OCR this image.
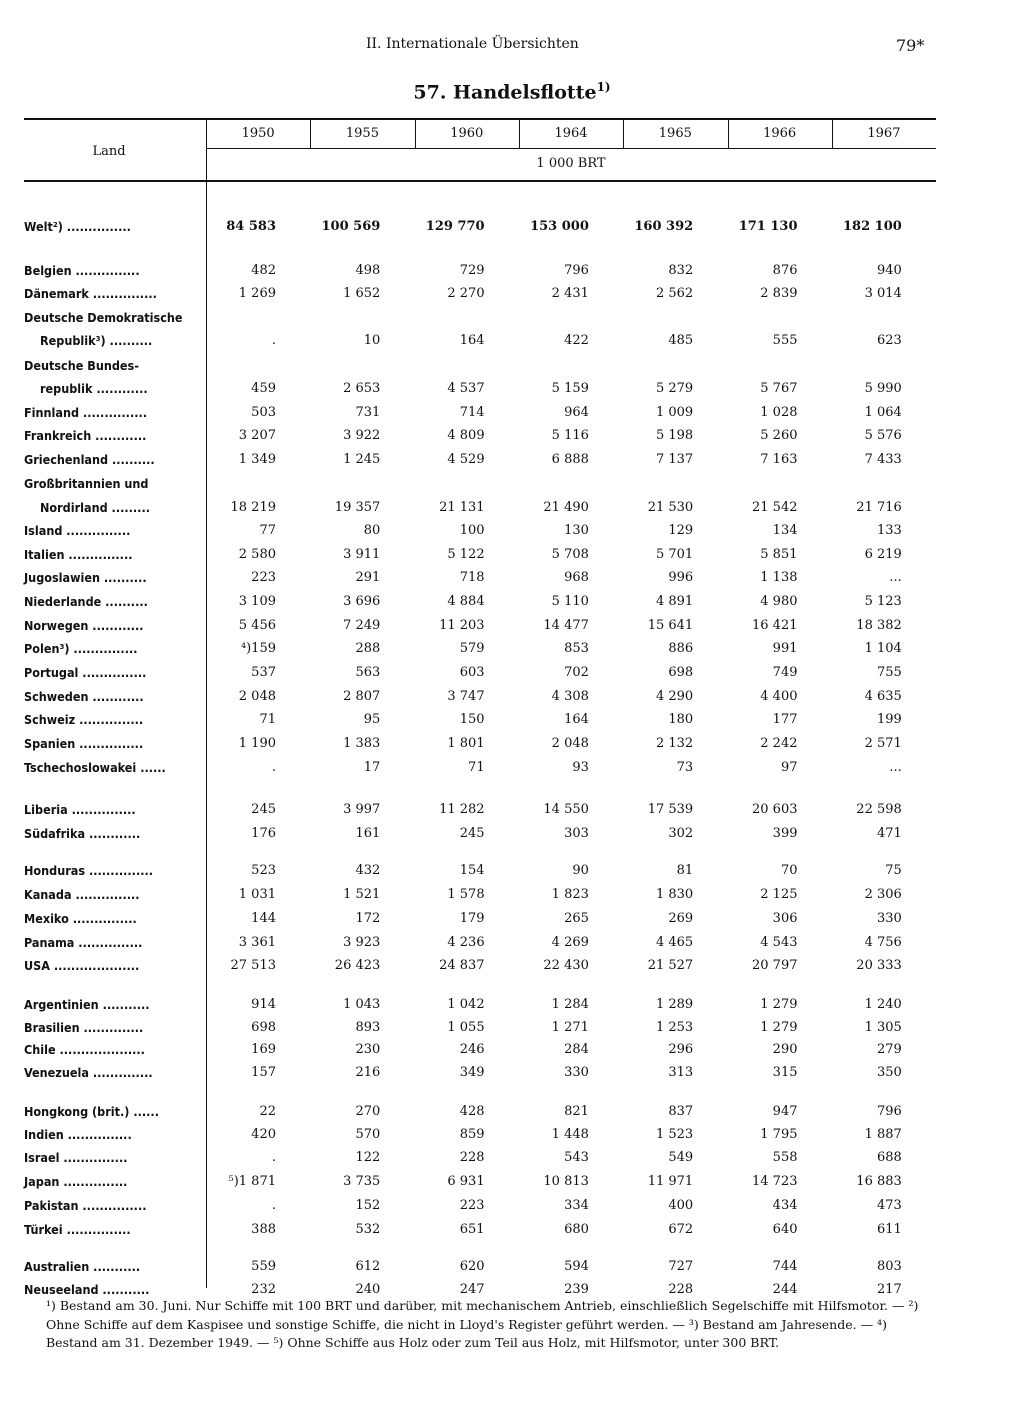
II. Internationale Übersichten	79*
57. Handelsflotte$^{1)}$
Land
1 000 BRT
1950	1955	1960	1964	1965	1966	1967
Welt²) ...............	84 583	100 569	129 770	153 000	160 392	171 130	182 100
Belgien ...............	482	498	729	796	832	876	940
Dänemark ...............	1 269	1 652	2 270	2 431	2 562	2 839	3 014
Deutsche Demokratische
Republik³) ..........	.	10	164	422	485	555	623
Deutsche Bundes-
republik ............	459	2 653	4 537	5 159	5 279	5 767	5 990
Finnland ...............	503	731	714	964	1 009	1 028	1 064
Frankreich ............	3 207	3 922	4 809	5 116	5 198	5 260	5 576
Griechenland ..........	1 349	1 245	4 529	6 888	7 137	7 163	7 433
Großbritannien und
Nordirland .........	18 219	19 357	21 131	21 490	21 530	21 542	21 716
Island ...............	77	80	100	130	129	134	133
Italien ...............	2 580	3 911	5 122	5 708	5 701	5 851	6 219
Jugoslawien ..........	223	291	718	968	996	1 138	...
Niederlande ..........	3 109	3 696	4 884	5 110	4 891	4 980	5 123
Norwegen ............	5 456	7 249	11 203	14 477	15 641	16 421	18 382
Polen³) ...............	⁴)159	288	579	853	886	991	1 104
Portugal ...............	537	563	603	702	698	749	755
Schweden ............	2 048	2 807	3 747	4 308	4 290	4 400	4 635
Schweiz ...............	71	95	150	164	180	177	199
Spanien ...............	1 190	1 383	1 801	2 048	2 132	2 242	2 571
Tschechoslowakei ......	.	17	71	93	73	97	...
Liberia ...............	245	3 997	11 282	14 550	17 539	20 603	22 598
Südafrika ............	176	161	245	303	302	399	471
Honduras ...............	523	432	154	90	81	70	75
Kanada ...............	1 031	1 521	1 578	1 823	1 830	2 125	2 306
Mexiko ...............	144	172	179	265	269	306	330
Panama ...............	3 361	3 923	4 236	4 269	4 465	4 543	4 756
USA ....................	27 513	26 423	24 837	22 430	21 527	20 797	20 333
Argentinien ...........	914	1 043	1 042	1 284	1 289	1 279	1 240
Brasilien ..............	698	893	1 055	1 271	1 253	1 279	1 305
Chile ....................	169	230	246	284	296	290	279
Venezuela ..............	157	216	349	330	313	315	350
Hongkong (brit.) ......	22	270	428	821	837	947	796
Indien ...............	420	570	859	1 448	1 523	1 795	1 887
Israel ...............	.	122	228	543	549	558	688
Japan ...............	⁵)1 871	3 735	6 931	10 813	11 971	14 723	16 883
Pakistan ...............	.	152	223	334	400	434	473
Türkei ...............	388	532	651	680	672	640	611
Australien ...........	559	612	620	594	727	744	803
Neuseeland ...........	232	240	247	239	228	244	217
¹) Bestand am 30. Juni. Nur Schiffe mit 100 BRT und darüber, mit mechanischem Antrieb, einschließlich Segelschiffe mit Hilfsmotor. — ²) Ohne Schiffe auf dem Kaspisee und sonstige Schiffe, die nicht in Lloyd's Register geführt werden. — ³) Bestand am Jahresende. — ⁴) Bestand am 31. Dezember 1949. — ⁵) Ohne Schiffe aus Holz oder zum Teil aus Holz, mit Hilfsmotor, unter 300 BRT.
